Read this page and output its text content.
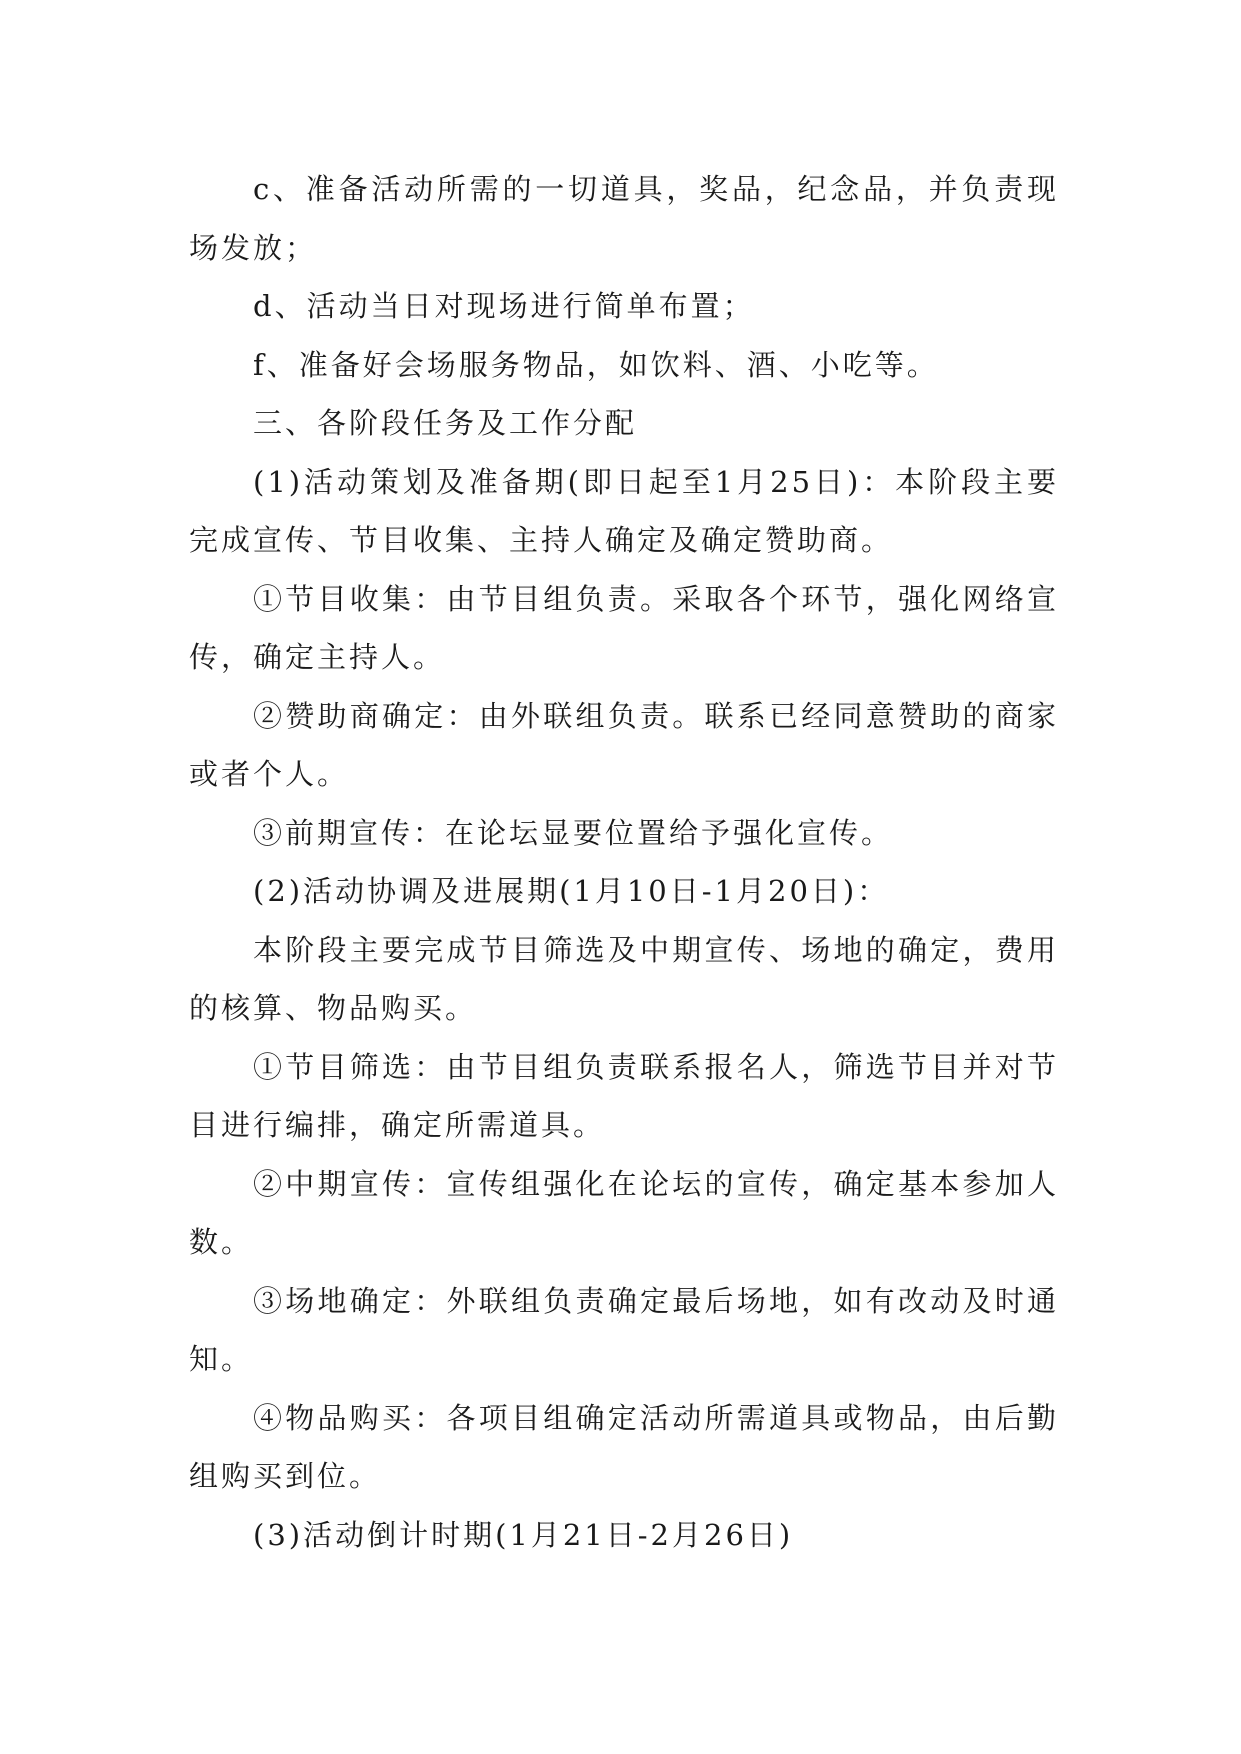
c、准备活动所需的一切道具，奖品，纪念品，并负责现场发放；

d、活动当日对现场进行简单布置；

f、准备好会场服务物品，如饮料、酒、小吃等。

三、各阶段任务及工作分配

(1)活动策划及准备期(即日起至1月25日)：本阶段主要完成宣传、节目收集、主持人确定及确定赞助商。

①节目收集：由节目组负责。采取各个环节，强化网络宣传，确定主持人。

②赞助商确定：由外联组负责。联系已经同意赞助的商家或者个人。

③前期宣传：在论坛显要位置给予强化宣传。

(2)活动协调及进展期(1月10日-1月20日)：

本阶段主要完成节目筛选及中期宣传、场地的确定，费用的核算、物品购买。

①节目筛选：由节目组负责联系报名人，筛选节目并对节目进行编排，确定所需道具。

②中期宣传：宣传组强化在论坛的宣传，确定基本参加人数。

③场地确定：外联组负责确定最后场地，如有改动及时通知。

④物品购买：各项目组确定活动所需道具或物品，由后勤组购买到位。

(3)活动倒计时期(1月21日-2月26日)
